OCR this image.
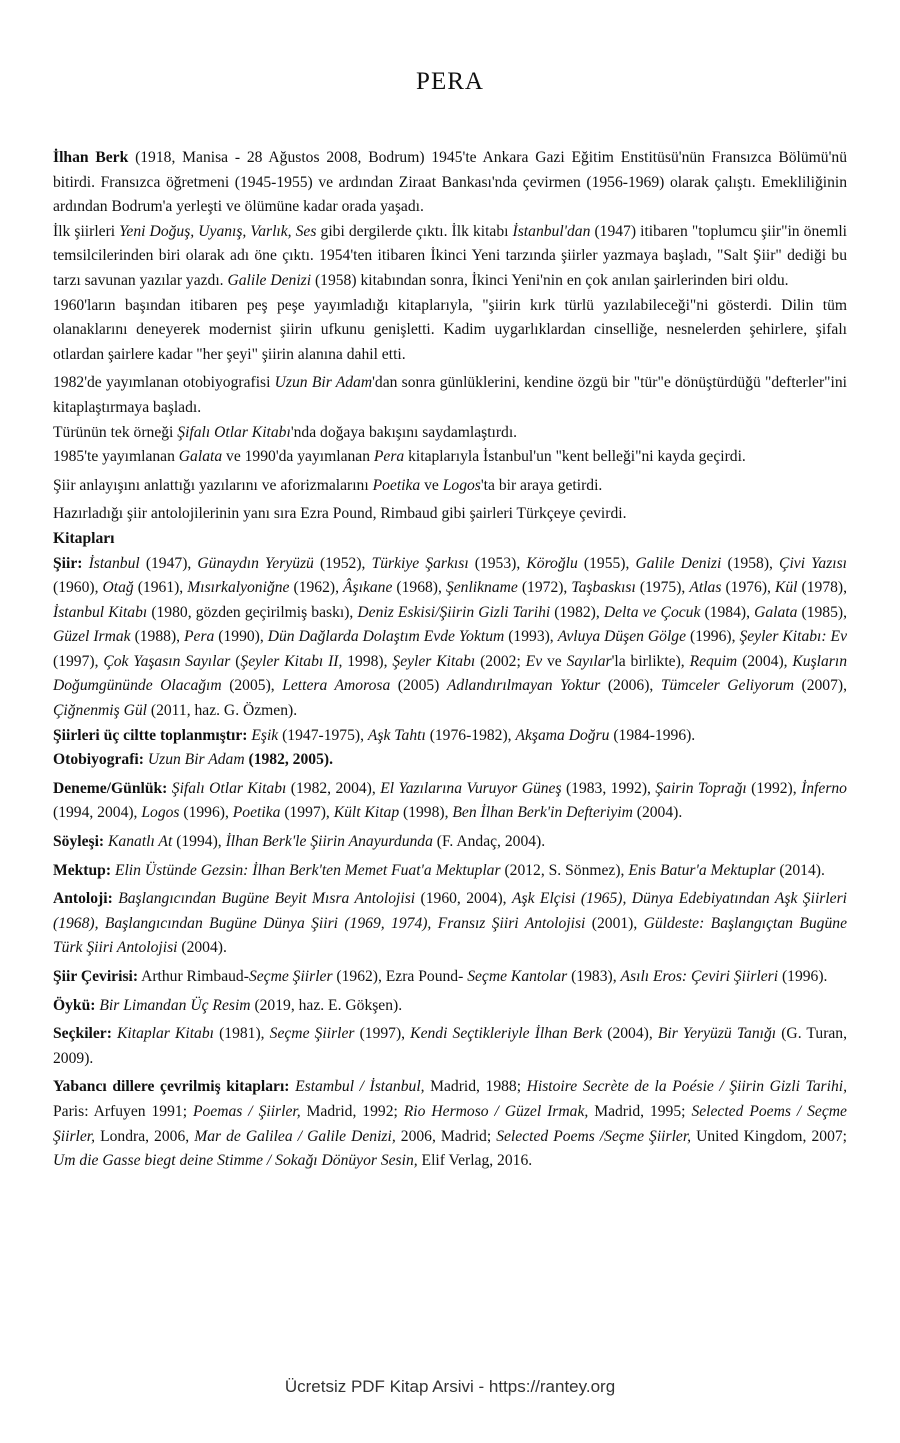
PERA

İlhan Berk (1918, Manisa - 28 Ağustos 2008, Bodrum) 1945'te Ankara Gazi Eğitim Enstitüsü'nün Fransızca Bölümü'nü bitirdi. Fransızca öğretmeni (1945-1955) ve ardından Ziraat Bankası'nda çevirmen (1956-1969) olarak çalıştı. Emekliliğinin ardından Bodrum'a yerleşti ve ölümüne kadar orada yaşadı.

İlk şiirleri Yeni Doğuş, Uyanış, Varlık, Ses gibi dergilerde çıktı. İlk kitabı İstanbul'dan (1947) itibaren "toplumcu şiir"in önemli temsilcilerinden biri olarak adı öne çıktı. 1954'ten itibaren İkinci Yeni tarzında şiirler yazmaya başladı, "Salt Şiir" dediği bu tarzı savunan yazılar yazdı. Galile Denizi (1958) kitabından sonra, İkinci Yeni'nin en çok anılan şairlerinden biri oldu.

1960'ların başından itibaren peş peşe yayımladığı kitaplarıyla, "şiirin kırk türlü yazılabileceği"ni gösterdi. Dilin tüm olanaklarını deneyerek modernist şiirin ufkunu genişletti. Kadim uygarlıklardan cinselliğe, nesnelerden şehirlere, şifalı otlardan şairlere kadar "her şeyi" şiirin alanına dahil etti.

1982'de yayımlanan otobiyografisi Uzun Bir Adam'dan sonra günlüklerini, kendine özgü bir "tür"e dönüştürdüğü "defterler"ini kitaplaştırmaya başladı.

Türünün tek örneği Şifalı Otlar Kitabı'nda doğaya bakışını saydamlaştırdı.

1985'te yayımlanan Galata ve 1990'da yayımlanan Pera kitaplarıyla İstanbul'un "kent belleği"ni kayda geçirdi.

Şiir anlayışını anlattığı yazılarını ve aforizmalarını Poetika ve Logos'ta bir araya getirdi.

Hazırladığı şiir antolojilerinin yanı sıra Ezra Pound, Rimbaud gibi şairleri Türkçeye çevirdi.

Kitapları

Şiir: İstanbul (1947), Günaydın Yeryüzü (1952), Türkiye Şarkısı (1953), Köroğlu (1955), Galile Denizi (1958), Çivi Yazısı (1960), Otağ (1961), Mısırkalyoniğne (1962), Âşıkane (1968), Şenlikname (1972), Taşbaskısı (1975), Atlas (1976), Kül (1978), İstanbul Kitabı (1980, gözden geçirilmiş baskı), Deniz Eskisi/Şiirin Gizli Tarihi (1982), Delta ve Çocuk (1984), Galata (1985), Güzel Irmak (1988), Pera (1990), Dün Dağlarda Dolaştım Evde Yoktum (1993), Avluya Düşen Gölge (1996), Şeyler Kitabı: Ev (1997), Çok Yaşasın Sayılar (Şeyler Kitabı II, 1998), Şeyler Kitabı (2002; Ev ve Sayılar'la birlikte), Requim (2004), Kuşların Doğumgününde Olacağım (2005), Lettera Amorosa (2005) Adlandırılmayan Yoktur (2006), Tümceler Geliyorum (2007), Çiğnenmiş Gül (2011, haz. G. Özmen).

Şiirleri üç ciltte toplanmıştır: Eşik (1947-1975), Aşk Tahtı (1976-1982), Akşama Doğru (1984-1996).

Otobiyografi: Uzun Bir Adam (1982, 2005).

Deneme/Günlük: Şifalı Otlar Kitabı (1982, 2004), El Yazılarına Vuruyor Güneş (1983, 1992), Şairin Toprağı (1992), İnferno (1994, 2004), Logos (1996), Poetika (1997), Kült Kitap (1998), Ben İlhan Berk'in Defteriyim (2004).

Söyleşi: Kanatlı At (1994), İlhan Berk'le Şiirin Anayurdunda (F. Andaç, 2004).

Mektup: Elin Üstünde Gezsin: İlhan Berk'ten Memet Fuat'a Mektuplar (2012, S. Sönmez), Enis Batur'a Mektuplar (2014).

Antoloji: Başlangıcından Bugüne Beyit Mısra Antolojisi (1960, 2004), Aşk Elçisi (1965), Dünya Edebiyatından Aşk Şiirleri (1968), Başlangıcından Bugüne Dünya Şiiri (1969, 1974), Fransız Şiiri Antolojisi (2001), Güldeste: Başlangıçtan Bugüne Türk Şiiri Antolojisi (2004).

Şiir Çevirisi: Arthur Rimbaud-Seçme Şiirler (1962), Ezra Pound- Seçme Kantolar (1983), Asılı Eros: Çeviri Şiirleri (1996).

Öykü: Bir Limandan Üç Resim (2019, haz. E. Gökşen).

Seçkiler: Kitaplar Kitabı (1981), Seçme Şiirler (1997), Kendi Seçtikleriyle İlhan Berk (2004), Bir Yeryüzü Tanığı (G. Turan, 2009).

Yabancı dillere çevrilmiş kitapları: Estambul / İstanbul, Madrid, 1988; Histoire Secrète de la Poésie / Şiirin Gizli Tarihi, Paris: Arfuyen 1991; Poemas / Şiirler, Madrid, 1992; Rio Hermoso / Güzel Irmak, Madrid, 1995; Selected Poems / Seçme Şiirler, Londra, 2006, Mar de Galilea / Galile Denizi, 2006, Madrid; Selected Poems /Seçme Şiirler, United Kingdom, 2007; Um die Gasse biegt deine Stimme / Sokağı Dönüyor Sesin, Elif Verlag, 2016.

Ücretsiz PDF Kitap Arsivi - https://rantey.org
